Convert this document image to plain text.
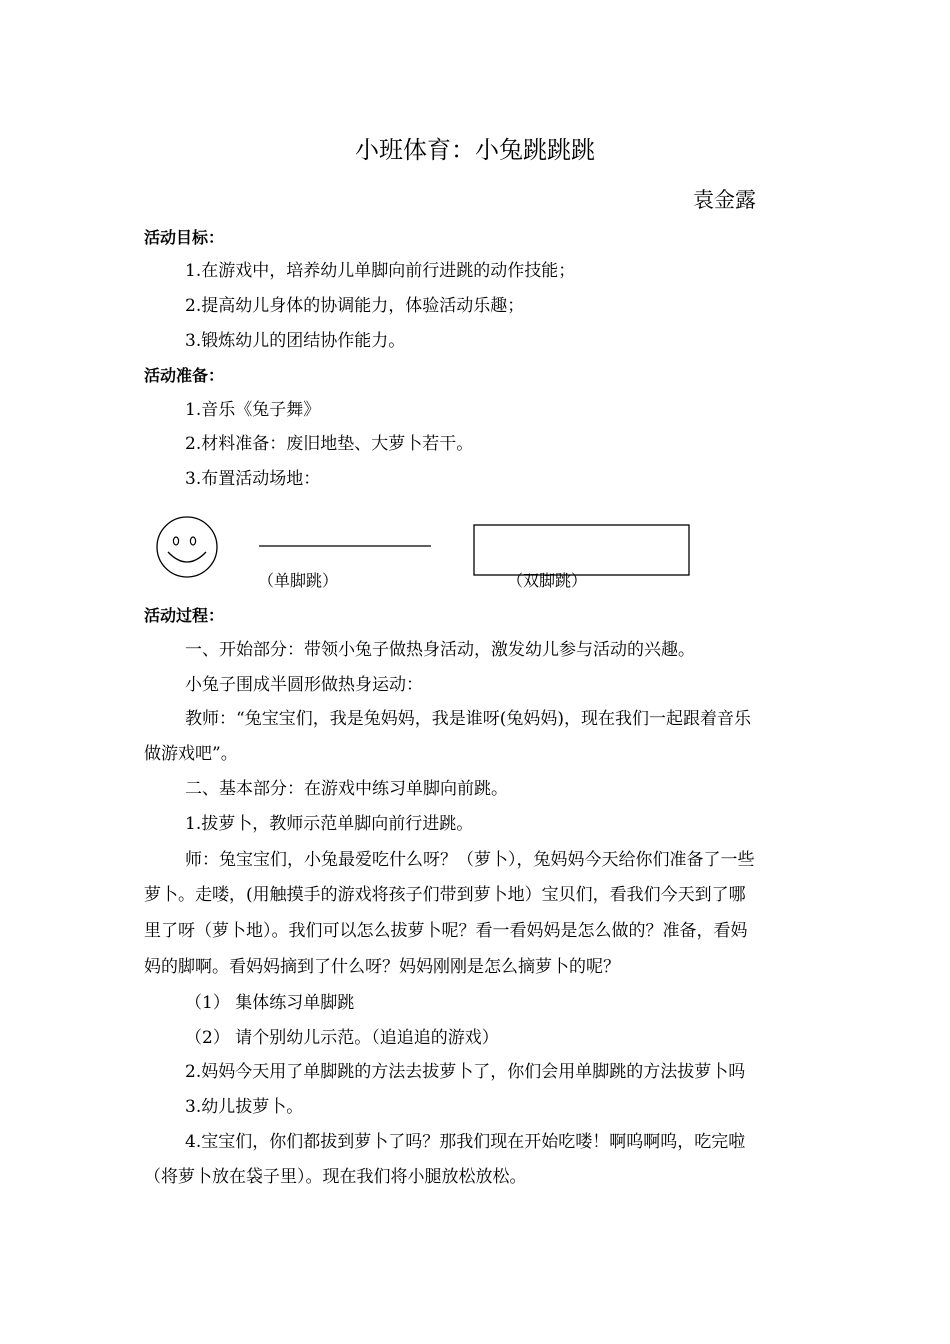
小班体育：小兔跳跳跳
袁金露
活动目标：
1.在游戏中，培养幼儿单脚向前行进跳的动作技能；
2.提高幼儿身体的协调能力，体验活动乐趣；
3.锻炼幼儿的团结协作能力。
活动准备：
1.音乐《兔子舞》
2.材料准备：废旧地垫、大萝卜若干。
3.布置活动场地：
（单脚跳）	（双脚跳）
活动过程：
一、开始部分：带领小兔子做热身活动，激发幼儿参与活动的兴趣。
小兔子围成半圆形做热身运动：
教师：“兔宝宝们，我是兔妈妈，我是谁呀(兔妈妈)，现在我们一起跟着音乐
做游戏吧”。
二、基本部分：在游戏中练习单脚向前跳。
1.拔萝卜，教师示范单脚向前行进跳。
师：兔宝宝们，小兔最爱吃什么呀？（萝卜），兔妈妈今天给你们准备了一些
萝卜。走喽，(用触摸手的游戏将孩子们带到萝卜地）宝贝们，看我们今天到了哪
里了呀（萝卜地）。我们可以怎么拔萝卜呢？看一看妈妈是怎么做的？准备，看妈
妈的脚啊。看妈妈摘到了什么呀？妈妈刚刚是怎么摘萝卜的呢？
（1） 集体练习单脚跳
（2） 请个别幼儿示范。（追追追的游戏）
2.妈妈今天用了单脚跳的方法去拔萝卜了，你们会用单脚跳的方法拔萝卜吗
3.幼儿拔萝卜。
4.宝宝们，你们都拔到萝卜了吗？那我们现在开始吃喽！啊呜啊呜，吃完啦
（将萝卜放在袋子里）。现在我们将小腿放松放松。
